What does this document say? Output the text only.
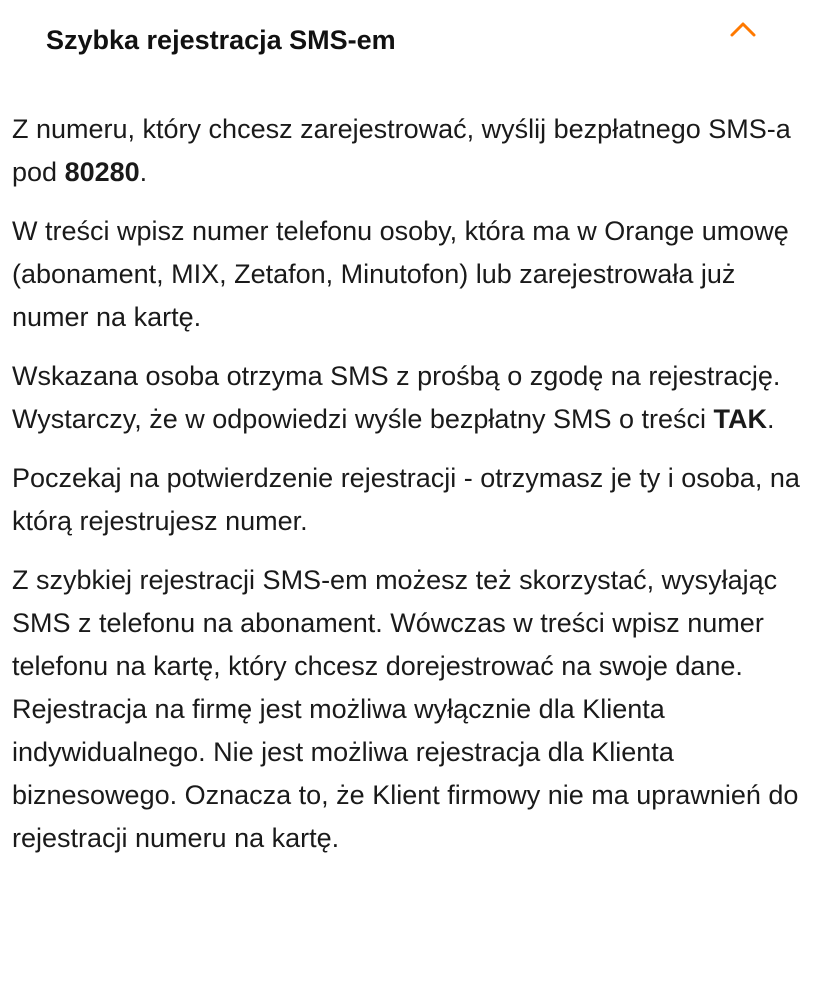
Szybka rejestracja SMS-em
Z numeru, który chcesz zarejestrować, wyślij bezpłatnego SMS-a pod 80280.
W treści wpisz numer telefonu osoby, która ma w Orange umowę (abonament, MIX, Zetafon, Minutofon) lub zarejestrowała już numer na kartę.
Wskazana osoba otrzyma SMS z prośbą o zgodę na rejestrację. Wystarczy, że w odpowiedzi wyśle bezpłatny SMS o treści TAK.
Poczekaj na potwierdzenie rejestracji - otrzymasz je ty i osoba, na którą rejestrujesz numer.

Z szybkiej rejestracji SMS-em możesz też skorzystać, wysyłając SMS z telefonu na abonament. Wówczas w treści wpisz numer telefonu na kartę, który chcesz dorejestrować na swoje dane.

Rejestracja na firmę jest możliwa wyłącznie dla Klienta indywidualnego. Nie jest możliwa rejestracja dla Klienta biznesowego. Oznacza to, że Klient firmowy nie ma uprawnień do rejestracji numeru na kartę.
